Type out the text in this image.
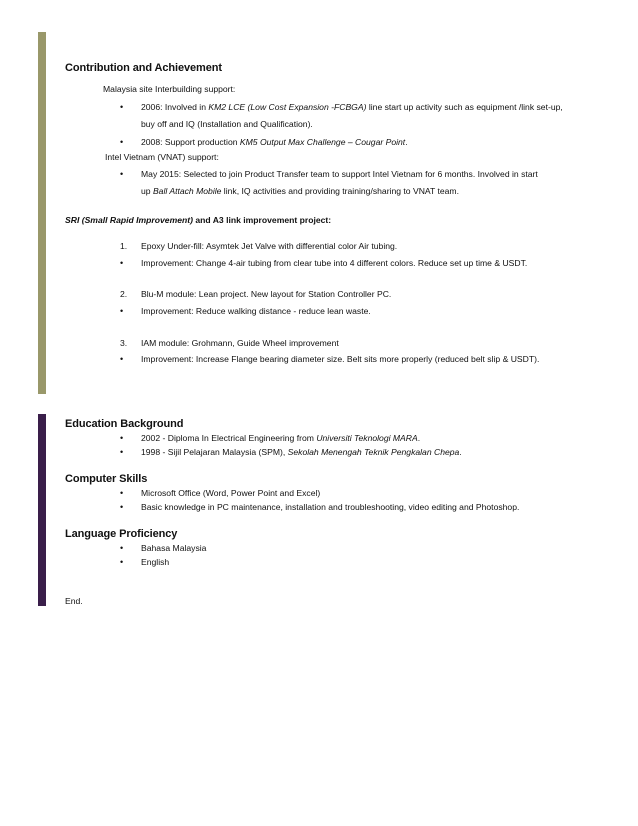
Contribution and Achievement
Malaysia site Interbuilding support:
• 2006: Involved in KM2 LCE (Low Cost Expansion -FCBGA) line start up activity such as equipment /link set-up,
buy off and IQ (Installation and Qualification).
• 2008: Support production KM5 Output Max Challenge – Cougar Point.
Intel Vietnam (VNAT) support:
• May 2015: Selected to join Product Transfer team to support Intel Vietnam for 6 months. Involved in start
up Ball Attach Mobile link, IQ activities and providing training/sharing to VNAT team.
SRI (Small Rapid Improvement) and A3 link improvement project:
1. Epoxy Under-fill: Asymtek Jet Valve with differential color Air tubing.
• Improvement: Change 4-air tubing from clear tube into 4 different colors. Reduce set up time & USDT.
2. Blu-M module: Lean project. New layout for Station Controller PC.
• Improvement: Reduce walking distance - reduce lean waste.
3. IAM module: Grohmann, Guide Wheel improvement
• Improvement: Increase Flange bearing diameter size. Belt sits more properly (reduced belt slip & USDT).
Education Background
• 2002 - Diploma In Electrical Engineering from Universiti Teknologi MARA.
• 1998 - Sijil Pelajaran Malaysia (SPM), Sekolah Menengah Teknik Pengkalan Chepa.
Computer Skills
• Microsoft Office (Word, Power Point and Excel)
• Basic knowledge in PC maintenance, installation and troubleshooting, video editing and Photoshop.
Language Proficiency
• Bahasa Malaysia
• English
End.
